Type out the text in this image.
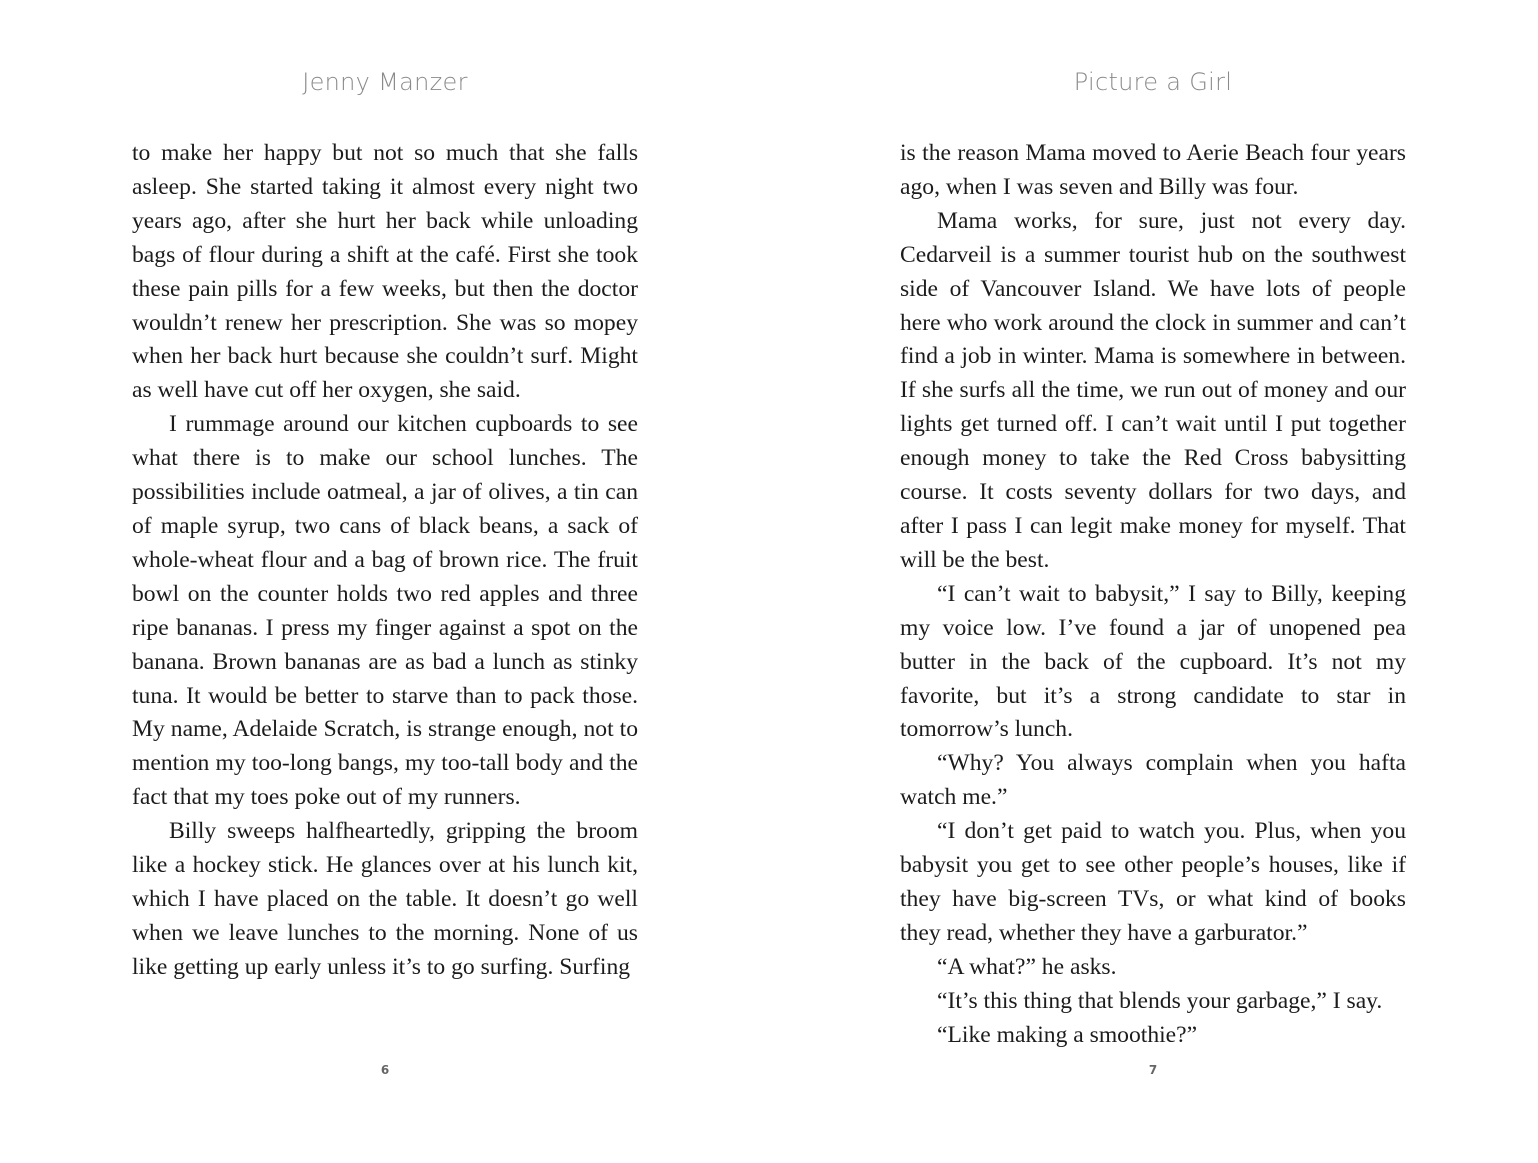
Jenny Manzer

to make her happy but not so much that she falls asleep. She started taking it almost every night two years ago, after she hurt her back while unloading bags of flour during a shift at the café. First she took these pain pills for a few weeks, but then the doctor wouldn’t renew her prescription. She was so mopey when her back hurt because she couldn’t surf. Might as well have cut off her oxygen, she said.

I rummage around our kitchen cupboards to see what there is to make our school lunches. The possibilities include oatmeal, a jar of olives, a tin can of maple syrup, two cans of black beans, a sack of whole-wheat flour and a bag of brown rice. The fruit bowl on the counter holds two red apples and three ripe bananas. I press my finger against a spot on the banana. Brown bananas are as bad a lunch as stinky tuna. It would be better to starve than to pack those. My name, Adelaide Scratch, is strange enough, not to mention my too-long bangs, my too-tall body and the fact that my toes poke out of my runners.

Billy sweeps halfheartedly, gripping the broom like a hockey stick. He glances over at his lunch kit, which I have placed on the table. It doesn’t go well when we leave lunches to the morning. None of us like getting up early unless it’s to go surfing. Surfing

6
Picture a Girl

is the reason Mama moved to Aerie Beach four years ago, when I was seven and Billy was four.

Mama works, for sure, just not every day. Cedarveil is a summer tourist hub on the southwest side of Vancouver Island. We have lots of people here who work around the clock in summer and can’t find a job in winter. Mama is somewhere in between. If she surfs all the time, we run out of money and our lights get turned off. I can’t wait until I put together enough money to take the Red Cross babysitting course. It costs seventy dollars for two days, and after I pass I can legit make money for myself. That will be the best.

“I can’t wait to babysit,” I say to Billy, keeping my voice low. I’ve found a jar of unopened pea butter in the back of the cupboard. It’s not my favorite, but it’s a strong candidate to star in tomorrow’s lunch.

“Why? You always complain when you hafta watch me.”

“I don’t get paid to watch you. Plus, when you babysit you get to see other people’s houses, like if they have big-screen TVs, or what kind of books they read, whether they have a garburator.”

“A what?” he asks.

“It’s this thing that blends your garbage,” I say.

“Like making a smoothie?”

7
